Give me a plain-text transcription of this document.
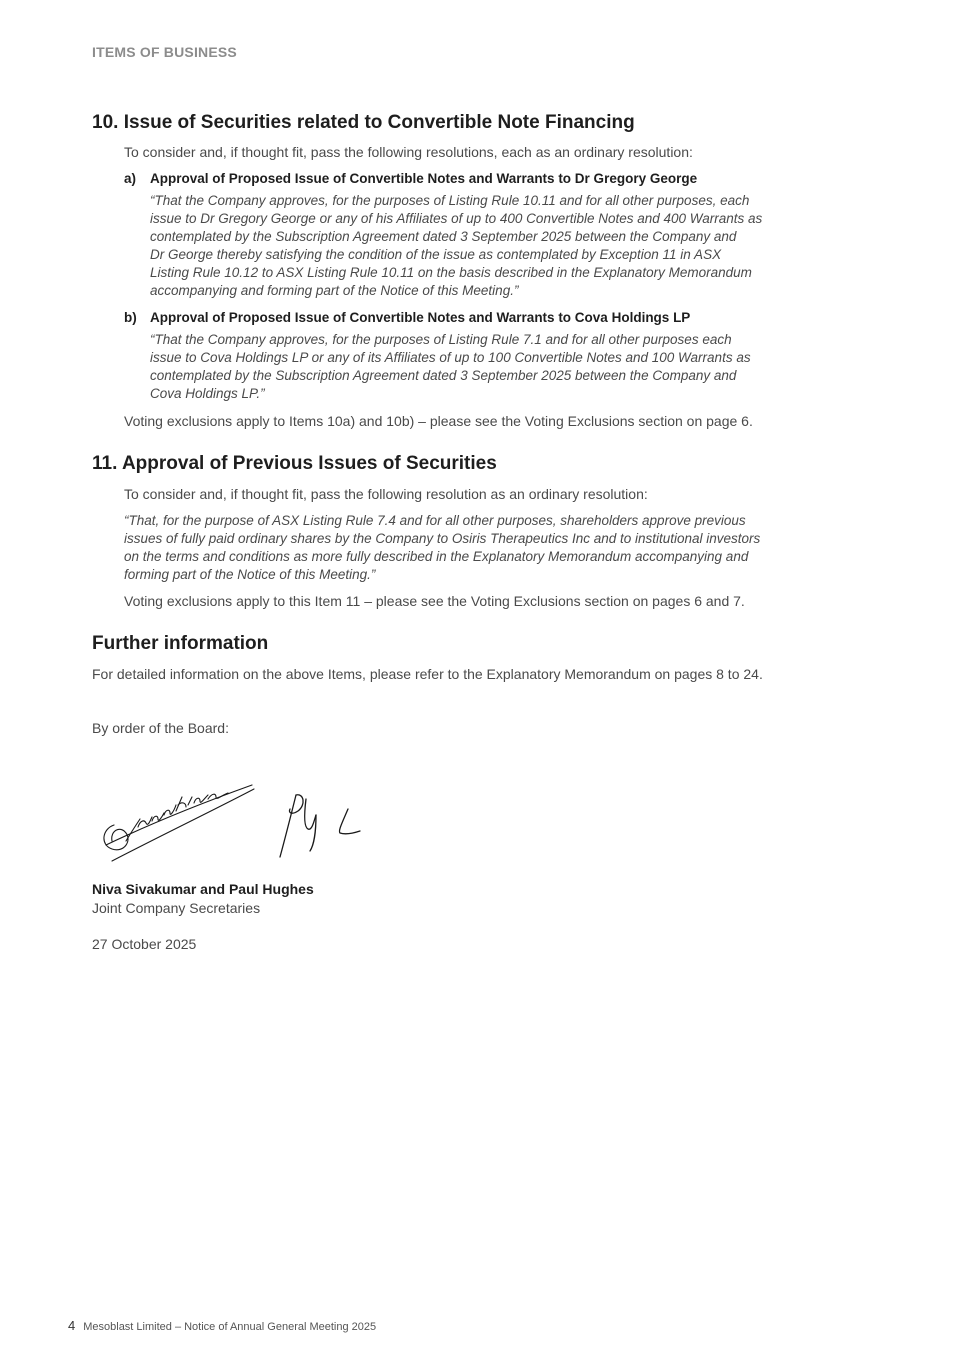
ITEMS OF BUSINESS
10. Issue of Securities related to Convertible Note Financing

To consider and, if thought fit, pass the following resolutions, each as an ordinary resolution:

a) Approval of Proposed Issue of Convertible Notes and Warrants to Dr Gregory George

“That the Company approves, for the purposes of Listing Rule 10.11 and for all other purposes, each
issue to Dr Gregory George or any of his Affiliates of up to 400 Convertible Notes and 400 Warrants as
contemplated by the Subscription Agreement dated 3 September 2025 between the Company and
Dr George thereby satisfying the condition of the issue as contemplated by Exception 11 in ASX
Listing Rule 10.12 to ASX Listing Rule 10.11 on the basis described in the Explanatory Memorandum
accompanying and forming part of the Notice of this Meeting.”

b) Approval of Proposed Issue of Convertible Notes and Warrants to Cova Holdings LP

“That the Company approves, for the purposes of Listing Rule 7.1 and for all other purposes each
issue to Cova Holdings LP or any of its Affiliates of up to 100 Convertible Notes and 100 Warrants as
contemplated by the Subscription Agreement dated 3 September 2025 between the Company and
Cova Holdings LP.”

Voting exclusions apply to Items 10a) and 10b) – please see the Voting Exclusions section on page 6.

11. Approval of Previous Issues of Securities

To consider and, if thought fit, pass the following resolution as an ordinary resolution:

“That, for the purpose of ASX Listing Rule 7.4 and for all other purposes, shareholders approve previous
issues of fully paid ordinary shares by the Company to Osiris Therapeutics Inc and to institutional investors
on the terms and conditions as more fully described in the Explanatory Memorandum accompanying and
forming part of the Notice of this Meeting.”

Voting exclusions apply to this Item 11 – please see the Voting Exclusions section on pages 6 and 7.

Further information

For detailed information on the above Items, please refer to the Explanatory Memorandum on pages 8 to 24.

By order of the Board:

Niva Sivakumar and Paul Hughes
Joint Company Secretaries
27 October 2025
4 Mesoblast Limited – Notice of Annual General Meeting 2025
